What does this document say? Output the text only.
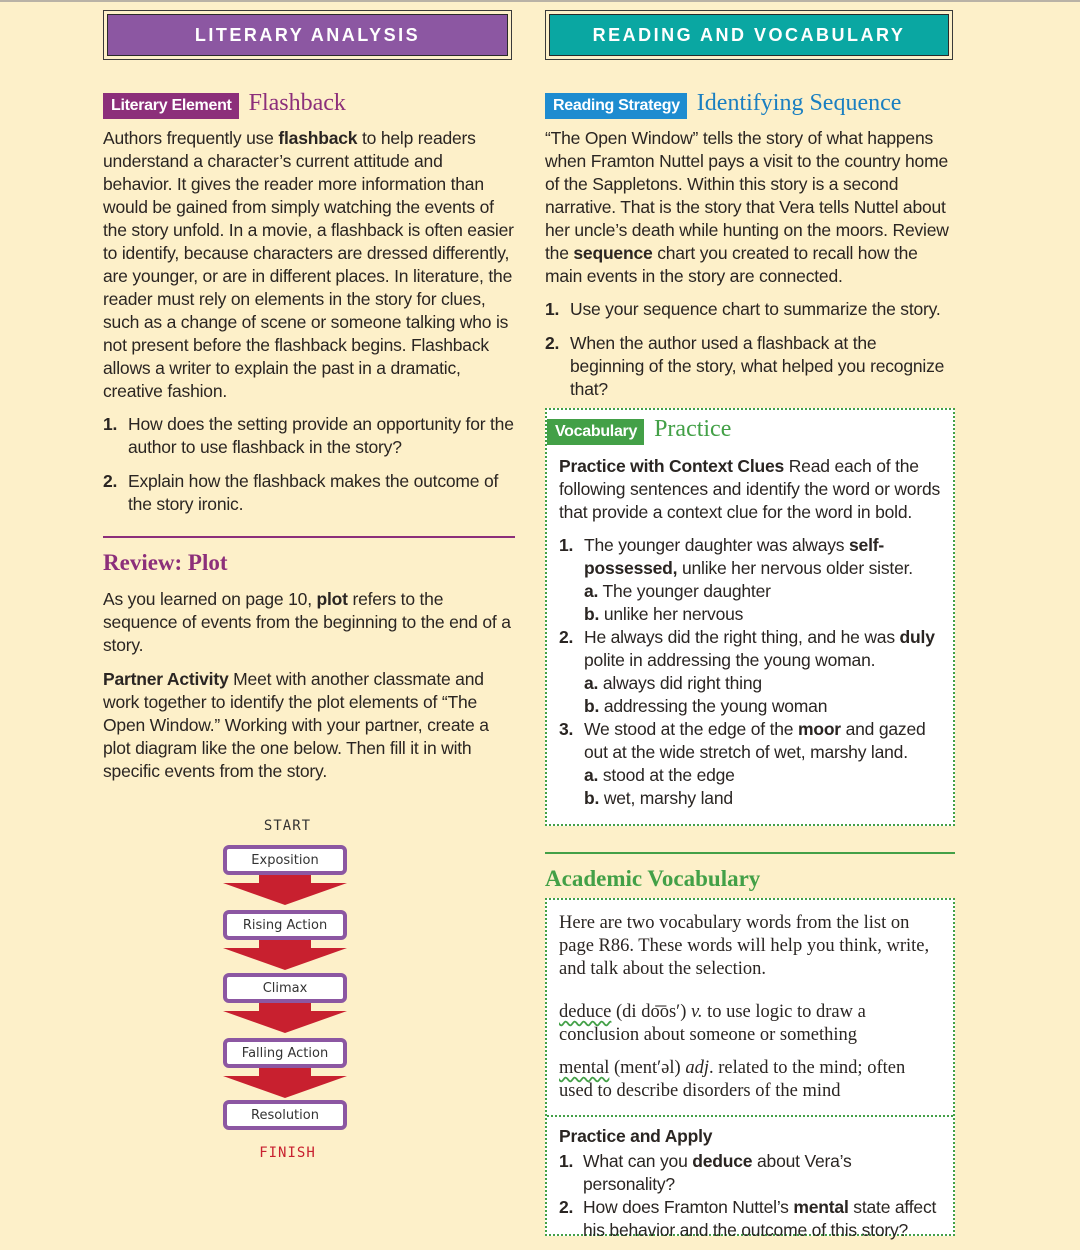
LITERARY ANALYSIS	READING AND VOCABULARY
Literary Element Flashback

Authors frequently use flashback to help readers understand a character’s current attitude and behavior. It gives the reader more information than would be gained from simply watching the events of the story unfold. In a movie, a flashback is often easier to identify, because characters are dressed differently, are younger, or are in different places. In literature, the reader must rely on elements in the story for clues, such as a change of scene or someone talking who is not present before the flashback begins. Flashback allows a writer to explain the past in a dramatic, creative fashion.

1. How does the setting provide an opportunity for the author to use flashback in the story?
2. Explain how the flashback makes the outcome of the story ironic.
Review: Plot

As you learned on page 10, plot refers to the sequence of events from the beginning to the end of a story.

Partner Activity Meet with another classmate and work together to identify the plot elements of “The Open Window.” Working with your partner, create a plot diagram like the one below. Then fill it in with specific events from the story.

START
Exposition
Rising Action
Climax
Falling Action
Resolution
FINISH
Reading Strategy Identifying Sequence

“The Open Window” tells the story of what happens when Framton Nuttel pays a visit to the country home of the Sappletons. Within this story is a second narrative. That is the story that Vera tells Nuttel about her uncle’s death while hunting on the moors. Review the sequence chart you created to recall how the main events in the story are connected.

1. Use your sequence chart to summarize the story.
2. When the author used a flashback at the beginning of the story, what helped you recognize that?
Vocabulary Practice

Practice with Context Clues Read each of the following sentences and identify the word or words that provide a context clue for the word in bold.

1. The younger daughter was always self-possessed, unlike her nervous older sister.
a. The younger daughter
b. unlike her nervous
2. He always did the right thing, and he was duly polite in addressing the young woman.
a. always did right thing
b. addressing the young woman
3. We stood at the edge of the moor and gazed out at the wide stretch of wet, marshy land.
a. stood at the edge
b. wet, marshy land
Academic Vocabulary

Here are two vocabulary words from the list on page R86. These words will help you think, write, and talk about the selection.

deduce (di do͞os′) v. to use logic to draw a conclusion about someone or something

mental (ment′əl) adj. related to the mind; often used to describe disorders of the mind

Practice and Apply

1. What can you deduce about Vera’s personality?
2. How does Framton Nuttel’s mental state affect his behavior and the outcome of this story?
